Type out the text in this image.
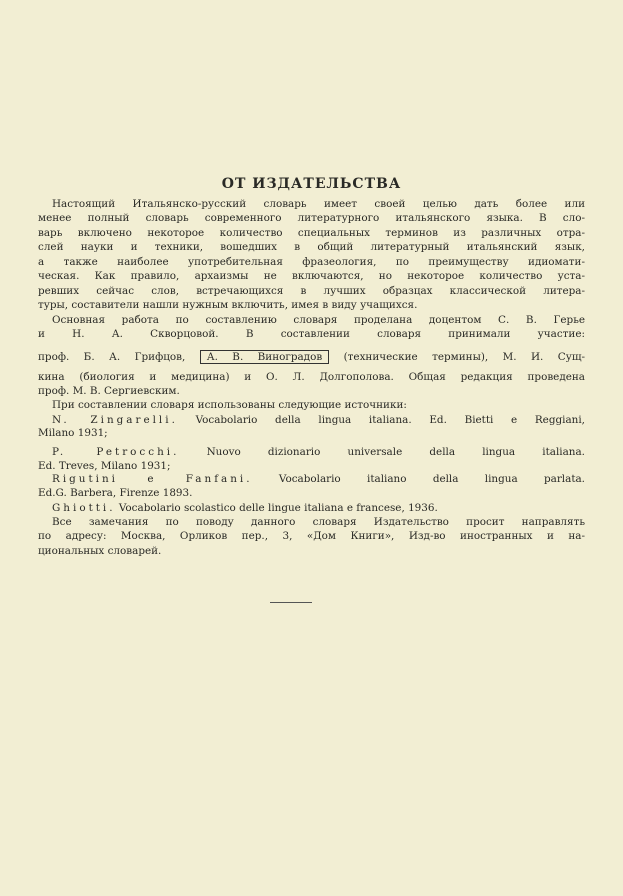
ОТ ИЗДАТЕЛЬСТВА
Настоящий Итальянско-русский словарь имеет своей целью дать более или
менее полный словарь современного литературного итальянского языка. В сло-
варь включено некоторое количество специальных терминов из различных отра-
слей науки и техники, вошедших в общий литературный итальянский язык,
а также наиболее употребительная фразеология, по преимуществу идиомати-
ческая. Как правило, архаизмы не включаются, но некоторое количество уста-
ревших сейчас слов, встречающихся в лучших образцах классической литера-
туры, составители нашли нужным включить, имея в виду учащихся.
Основная работа по составлению словаря проделана доцентом С. В. Герье
и Н. А. Скворцовой. В составлении словаря принимали участие:
проф. Б. А. Грифцов, А. В. Виноградов (технические термины), М. И. Сущ-
кина (биология и медицина) и О. Л. Долгополова. Общая редакция проведена
проф. М. В. Сергиевским.
При составлении словаря использованы следующие источники:
N. Zingarelli. Vocabolario della lingua italiana. Ed. Bietti e Reggiani,
Milano 1931;
P. Petrocchi.	Nuovo dizionario universale della lingua italiana.
Ed. Treves, Milano 1931;
Rigutini e Fanfani.	Vocabolario italiano della lingua parlata.
Ed.G. Barbera, Firenze 1893.
Ghiotti. Vocabolario scolastico delle lingue italiana e francese, 1936.
Все замечания по поводу данного словаря Издательство просит направлять
по адресу: Москва, Орликов пер., 3, «Дом Книги», Изд-во иностранных и на-
циональных словарей.
